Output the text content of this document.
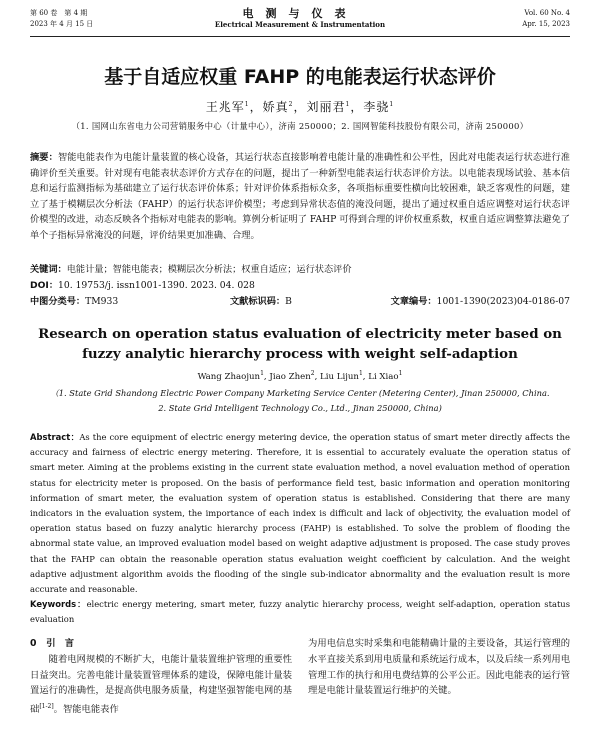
第 60 卷　第 4 期
2023 年 4 月 15 日
电测与仪表
Electrical Measurement & Instrumentation
Vol. 60 No. 4
Apr. 15, 2023
基于自适应权重 FAHP 的电能表运行状态评价
王兆军$^1$，娇真$^2$，刘丽君$^1$，李骁$^1$
（1. 国网山东省电力公司营销服务中心（计量中心），济南 250000；2. 国网智能科技股份有限公司，济南 250000）
摘要：智能电能表作为电能计量装置的核心设备，其运行状态直接影响着电能计量的准确性和公平性，因此对电能表运行状态进行准确评价至关重要。针对现有电能表状态评价方式存在的问题，提出了一种新型电能表运行状态评价方法。以电能表现场试验、基本信息和运行监测指标为基础建立了运行状态评价体系；针对评价体系指标众多，各项指标重要性横向比较困难，缺乏客观性的问题，建立了基于模糊层次分析法（FAHP）的运行状态评价模型；考虑到异常状态值的淹没问题，提出了通过权重自适应调整对运行状态评价模型的改进，动态反映各个指标对电能表的影响。算例分析证明了 FAHP 可得到合理的评价权重系数，权重自适应调整算法避免了单个子指标异常淹没的问题，评价结果更加准确、合理。
关键词：电能计量；智能电能表；模糊层次分析法；权重自适应；运行状态评价
DOI：10. 19753/j. issn1001-1390. 2023. 04. 028
中图分类号：TM933	文献标识码：B	文章编号：1001-1390(2023)04-0186-07
Research on operation status evaluation of electricity meter based on fuzzy analytic hierarchy process with weight self-adaption
Wang Zhaojun$^1$, Jiao Zhen$^2$, Liu Lijun$^1$, Li Xiao$^1$
（1. State Grid Shandong Electric Power Company Marketing Service Center (Metering Center), Jinan 250000, China.
2. State Grid Intelligent Technology Co., Ltd., Jinan 250000, China)
Abstract：As the core equipment of electric energy metering device, the operation status of smart meter directly affects the accuracy and fairness of electric energy metering. Therefore, it is essential to accurately evaluate the operation status of smart meter. Aiming at the problems existing in the current state evaluation method, a novel evaluation method of operation status for electricity meter is proposed. On the basis of performance field test, basic information and operation monitoring information of smart meter, the evaluation system of operation status is established. Considering that there are many indicators in the evaluation system, the importance of each index is difficult and lack of objectivity, the evaluation model of operation status based on fuzzy analytic hierarchy process (FAHP) is established. To solve the problem of flooding the abnormal state value, an improved evaluation model based on weight adaptive adjustment is proposed. The case study proves that the FAHP can obtain the reasonable operation status evaluation weight coefficient by calculation. And the weight adaptive adjustment algorithm avoids the flooding of the single sub-indicator abnormality and the evaluation result is more accurate and reasonable.
Keywords：electric energy metering, smart meter, fuzzy analytic hierarchy process, weight self-adaption, operation status evaluation
0 引　言
随着电网规模的不断扩大，电能计量装置维护管理的重要性日益突出。完善电能计量装置管理体系的建设，保障电能计量装置运行的准确性，是提高供电服务质量，构建坚强智能电网的基础[1-2]。智能电能表作
为用电信息实时采集和电能精确计量的主要设备，其运行管理的水平直接关系到用电质量和系统运行成本，以及后续一系列用电管理工作的执行和用电费结算的公平公正。因此电能表的运行管理是电能计量装置运行维护的关键。
